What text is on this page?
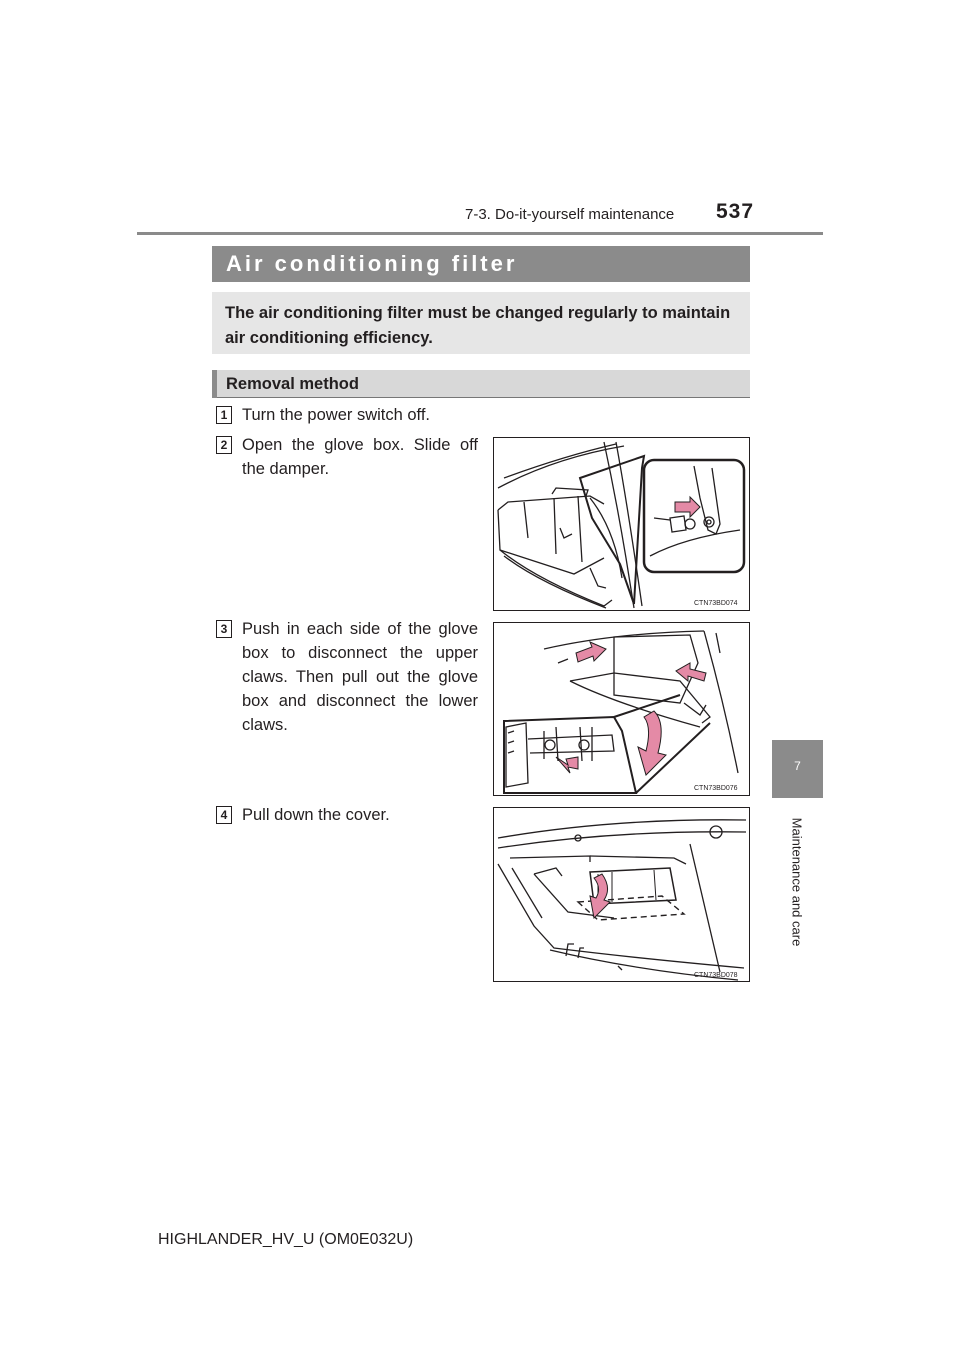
7-3. Do-it-yourself maintenance 537
Air conditioning filter
The air conditioning filter must be changed regularly to maintain air conditioning efficiency.
Removal method
1 Turn the power switch off.
2 Open the glove box. Slide off the damper.
CTN73BD074
3 Push in each side of the glove box to disconnect the upper claws. Then pull out the glove box and disconnect the lower claws.
CTN73BD076
4 Pull down the cover.
CTN73BD078
7
Maintenance and care
HIGHLANDER_HV_U (OM0E032U)
